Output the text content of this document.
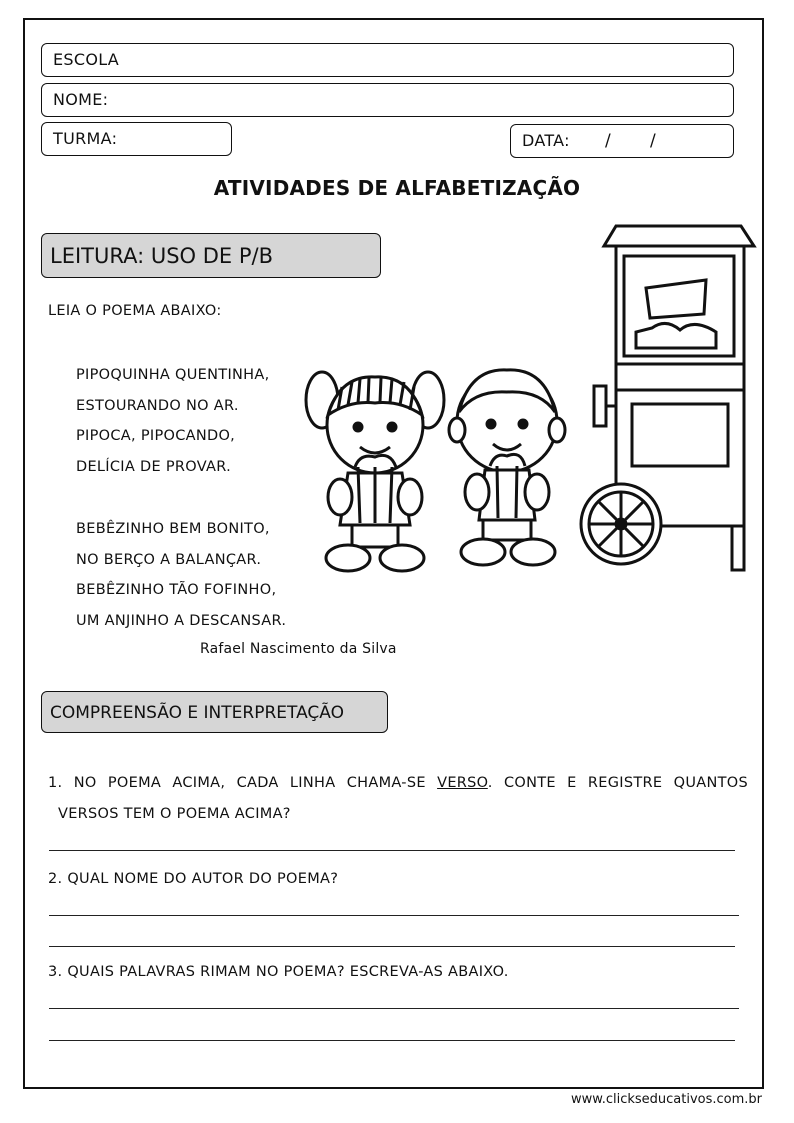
ESCOLA
NOME:
TURMA:	DATA: / /
ATIVIDADES DE ALFABETIZAÇÃO
LEITURA: USO DE P/B
LEIA O POEMA ABAIXO:
PIPOQUINHA QUENTINHA,
ESTOURANDO NO AR.
PIPOCA, PIPOCANDO,
DELÍCIA DE PROVAR.
BEBÊZINHO BEM BONITO,
NO BERÇO A BALANÇAR.
BEBÊZINHO TÃO FOFINHO,
UM ANJINHO A DESCANSAR.
Rafael Nascimento da Silva
COMPREENSÃO E INTERPRETAÇÃO
1. NO POEMA ACIMA, CADA LINHA CHAMA-SE VERSO. CONTE E REGISTRE QUANTOS
VERSOS TEM O POEMA ACIMA?
2. QUAL NOME DO AUTOR DO POEMA?
3. QUAIS PALAVRAS RIMAM NO POEMA? ESCREVA-AS ABAIXO.
www.clickseducativos.com.br
